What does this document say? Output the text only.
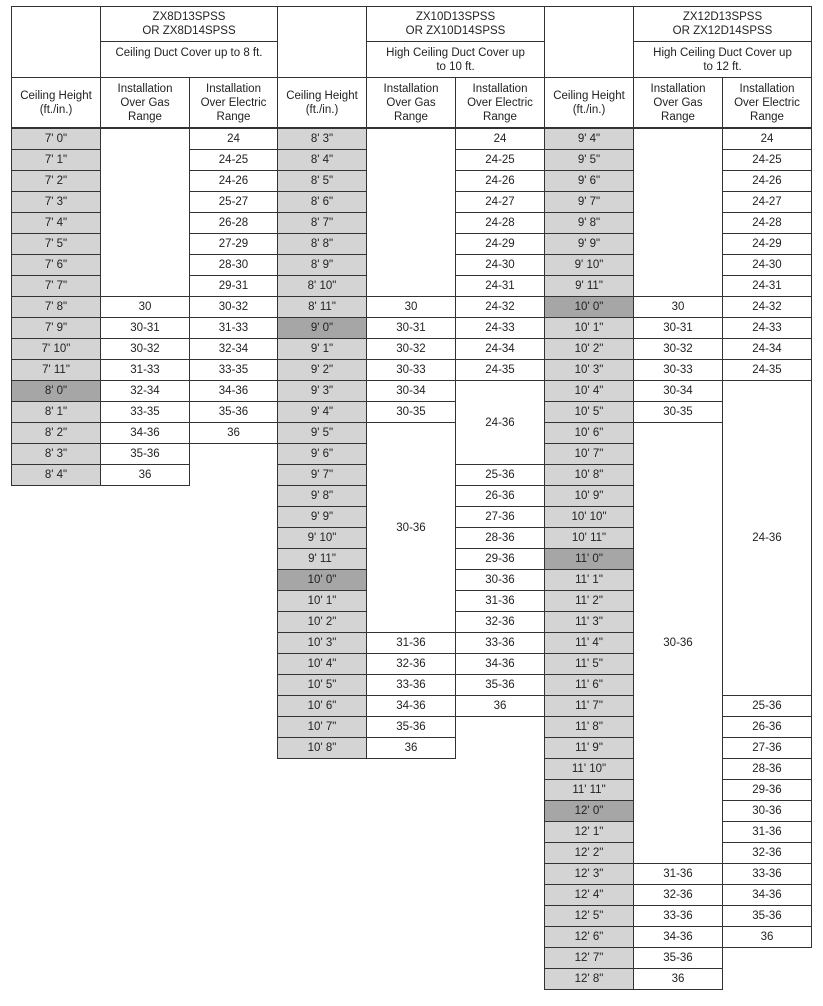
ZX8D13SPSS
OR ZX8D14SPSS
Ceiling Duct Cover up to 8 ft.
ZX10D13SPSS
OR ZX10D14SPSS
High Ceiling Duct Cover up
to 10 ft.
ZX12D13SPSS
OR ZX12D14SPSS
High Ceiling Duct Cover up
to 12 ft.
Ceiling Height
(ft./in.)
Installation
Over Gas
Range
Installation
Over Electric
Range
Ceiling Height
(ft./in.)
Installation
Over Gas
Range
Installation
Over Electric
Range
Ceiling Height
(ft./in.)
Installation
Over Gas
Range
Installation
Over Electric
Range
7' 0"
7' 1"
7' 2"
7' 3"
7' 4"
7' 5"
7' 6"
7' 7"
7' 8"
7' 9"
7' 10"
7' 11"
8' 0"
8' 1"
8' 2"
8' 3"
8' 4"
30
30-31
30-32
31-33
32-34
33-35
34-36
35-36
36
24
24-25
24-26
25-27
26-28
27-29
28-30
29-31
30-32
31-33
32-34
33-35
34-36
35-36
36
8' 3"
8' 4"
8' 5"
8' 6"
8' 7"
8' 8"
8' 9"
8' 10"
8' 11"
9' 0"
9' 1"
9' 2"
9' 3"
9' 4"
9' 5"
9' 6"
9' 7"
9' 8"
9' 9"
9' 10"
9' 11"
10' 0"
10' 1"
10' 2"
10' 3"
10' 4"
10' 5"
10' 6"
10' 7"
10' 8"
30
30-31
30-32
30-33
30-34
30-35
30-36
31-36
32-36
33-36
34-36
35-36
36
24
24-25
24-26
24-27
24-28
24-29
24-30
24-31
24-32
24-33
24-34
24-35
24-36
25-36
26-36
27-36
28-36
29-36
30-36
31-36
32-36
33-36
34-36
35-36
36
9' 4"
9' 5"
9' 6"
9' 7"
9' 8"
9' 9"
9' 10"
9' 11"
10' 0"
10' 1"
10' 2"
10' 3"
10' 4"
10' 5"
10' 6"
10' 7"
10' 8"
10' 9"
10' 10"
10' 11"
11' 0"
11' 1"
11' 2"
11' 3"
11' 4"
11' 5"
11' 6"
11' 7"
11' 8"
11' 9"
11' 10"
11' 11"
12' 0"
12' 1"
12' 2"
12' 3"
12' 4"
12' 5"
12' 6"
12' 7"
12' 8"
30
30-31
30-32
30-33
30-34
30-35
30-36
31-36
32-36
33-36
34-36
35-36
36
24
24-25
24-26
24-27
24-28
24-29
24-30
24-31
24-32
24-33
24-34
24-35
24-36
25-36
26-36
27-36
28-36
29-36
30-36
31-36
32-36
33-36
34-36
35-36
36
